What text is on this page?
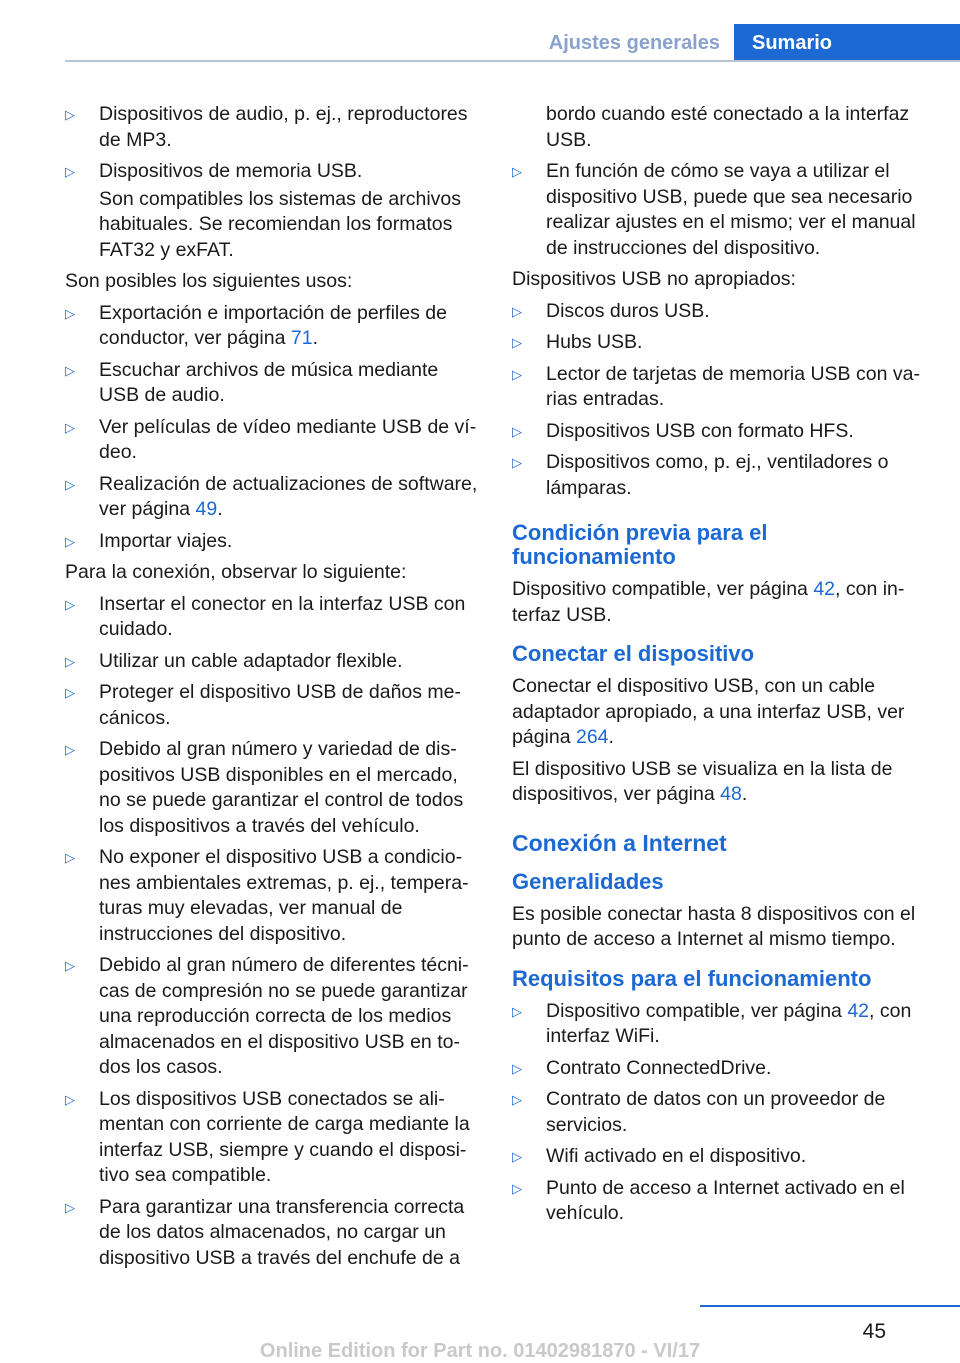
Ajustes generales	Sumario
▷ Dispositivos de audio, p. ej., reproductores de MP3.
▷ Dispositivos de memoria USB.
Son compatibles los sistemas de archivos habituales. Se recomiendan los formatos FAT32 y exFAT.
Son posibles los siguientes usos:
▷ Exportación e importación de perfiles de conductor, ver página 71.
▷ Escuchar archivos de música mediante USB de audio.
▷ Ver películas de vídeo mediante USB de vídeo.
▷ Realización de actualizaciones de software, ver página 49.
▷ Importar viajes.
Para la conexión, observar lo siguiente:
▷ Insertar el conector en la interfaz USB con cuidado.
▷ Utilizar un cable adaptador flexible.
▷ Proteger el dispositivo USB de daños mecánicos.
▷ Debido al gran número y variedad de dispositivos USB disponibles en el mercado, no se puede garantizar el control de todos los dispositivos a través del vehículo.
▷ No exponer el dispositivo USB a condiciones ambientales extremas, p. ej., temperaturas muy elevadas, ver manual de instrucciones del dispositivo.
▷ Debido al gran número de diferentes técnicas de compresión no se puede garantizar una reproducción correcta de los medios almacenados en el dispositivo USB en todos los casos.
▷ Los dispositivos USB conectados se alimentan con corriente de carga mediante la interfaz USB, siempre y cuando el dispositivo sea compatible.
▷ Para garantizar una transferencia correcta de los datos almacenados, no cargar un dispositivo USB a través del enchufe de a
bordo cuando esté conectado a la interfaz USB.
▷ En función de cómo se vaya a utilizar el dispositivo USB, puede que sea necesario realizar ajustes en el mismo; ver el manual de instrucciones del dispositivo.
Dispositivos USB no apropiados:
▷ Discos duros USB.
▷ Hubs USB.
▷ Lector de tarjetas de memoria USB con varias entradas.
▷ Dispositivos USB con formato HFS.
▷ Dispositivos como, p. ej., ventiladores o lámparas.
Condición previa para el funcionamiento
Dispositivo compatible, ver página 42, con interfaz USB.
Conectar el dispositivo
Conectar el dispositivo USB, con un cable adaptador apropiado, a una interfaz USB, ver página 264.
El dispositivo USB se visualiza en la lista de dispositivos, ver página 48.
Conexión a Internet
Generalidades
Es posible conectar hasta 8 dispositivos con el punto de acceso a Internet al mismo tiempo.
Requisitos para el funcionamiento
▷ Dispositivo compatible, ver página 42, con interfaz WiFi.
▷ Contrato ConnectedDrive.
▷ Contrato de datos con un proveedor de servicios.
▷ Wifi activado en el dispositivo.
▷ Punto de acceso a Internet activado en el vehículo.
45
Online Edition for Part no. 01402981870 - VI/17
